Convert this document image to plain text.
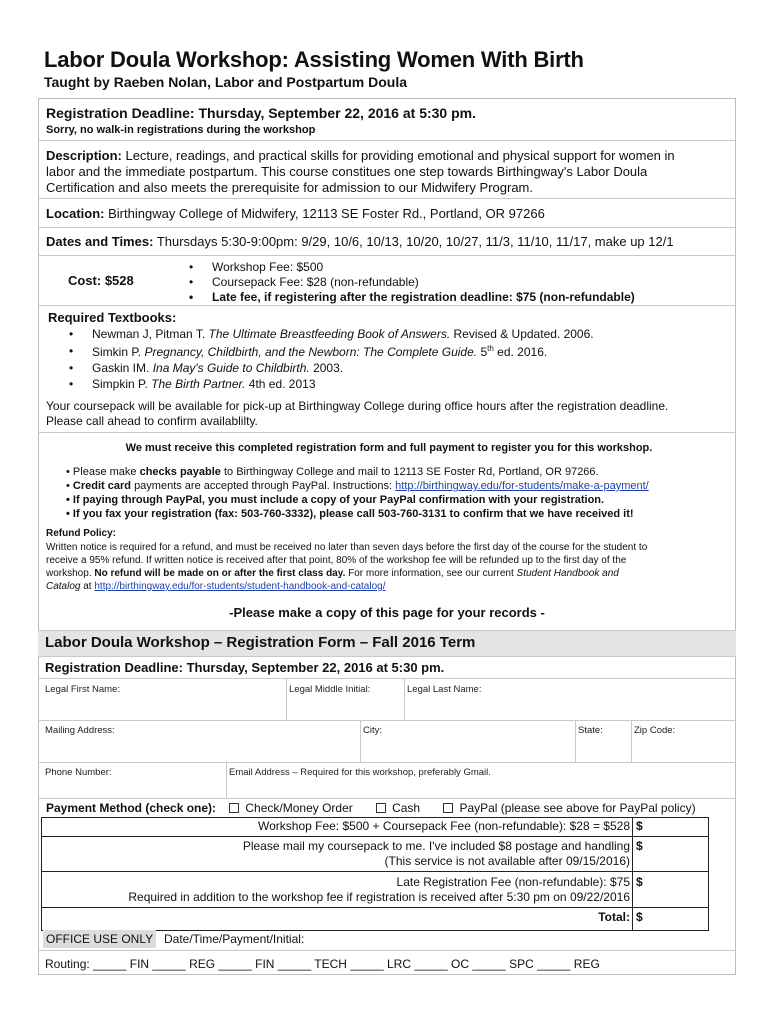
Labor Doula Workshop: Assisting Women With Birth
Taught by Raeben Nolan, Labor and Postpartum Doula
Registration Deadline: Thursday, September 22, 2016 at 5:30 pm.
Sorry, no walk-in registrations during the workshop
Description: Lecture, readings, and practical skills for providing emotional and physical support for women in
labor and the immediate postpartum. This course constitues one step towards Birthingway's Labor Doula
Certification and also meets the prerequisite for admission to our Midwifery Program.
Location: Birthingway College of Midwifery, 12113 SE Foster Rd., Portland, OR 97266
Dates and Times: Thursdays 5:30-9:00pm: 9/29, 10/6, 10/13, 10/20, 10/27, 11/3, 11/10, 11/17, make up 12/1
Cost: $528
• Workshop Fee: $500
• Coursepack Fee: $28 (non-refundable)
• Late fee, if registering after the registration deadline: $75 (non-refundable)
Required Textbooks:
• Newman J, Pitman T. The Ultimate Breastfeeding Book of Answers. Revised & Updated. 2006.
• Simkin P. Pregnancy, Childbirth, and the Newborn: The Complete Guide. 5th ed. 2016.
• Gaskin IM. Ina May's Guide to Childbirth. 2003.
• Simpkin P. The Birth Partner. 4th ed. 2013
Your coursepack will be available for pick-up at Birthingway College during office hours after the registration deadline.
Please call ahead to confirm availablilty.
We must receive this completed registration form and full payment to register you for this workshop.
• Please make checks payable to Birthingway College and mail to 12113 SE Foster Rd, Portland, OR 97266.
• Credit card payments are accepted through PayPal. Instructions: http://birthingway.edu/for-students/make-a-payment/
• If paying through PayPal, you must include a copy of your PayPal confirmation with your registration.
• If you fax your registration (fax: 503-760-3332), please call 503-760-3131 to confirm that we have received it!
Refund Policy:
Written notice is required for a refund, and must be received no later than seven days before the first day of the course for the student to
receive a 95% refund. If written notice is received after that point, 80% of the workshop fee will be refunded up to the first day of the
workshop. No refund will be made on or after the first class day. For more information, see our current Student Handbook and
Catalog at http://birthingway.edu/for-students/student-handbook-and-catalog/
-Please make a copy of this page for your records -
Labor Doula Workshop – Registration Form – Fall 2016 Term
Registration Deadline: Thursday, September 22, 2016 at 5:30 pm.
Legal First Name:	Legal Middle Initial:	Legal Last Name:
Mailing Address:	City:	State:	Zip Code:
Phone Number:	Email Address – Required for this workshop, preferably Gmail.
Payment Method (check one): Check/Money Order	Cash	PayPal (please see above for PayPal policy)
Workshop Fee: $500 + Coursepack Fee (non-refundable): $28 = $528 $
Please mail my coursepack to me. I've included $8 postage and handling
(This service is not available after 09/15/2016)
$
Late Registration Fee (non-refundable): $75
Required in addition to the workshop fee if registration is received after 5:30 pm on 09/22/2016
$
Total: $
OFFICE USE ONLY Date/Time/Payment/Initial:
Routing: _____ FIN _____ REG _____ FIN _____ TECH _____ LRC _____ OC _____ SPC _____ REG
